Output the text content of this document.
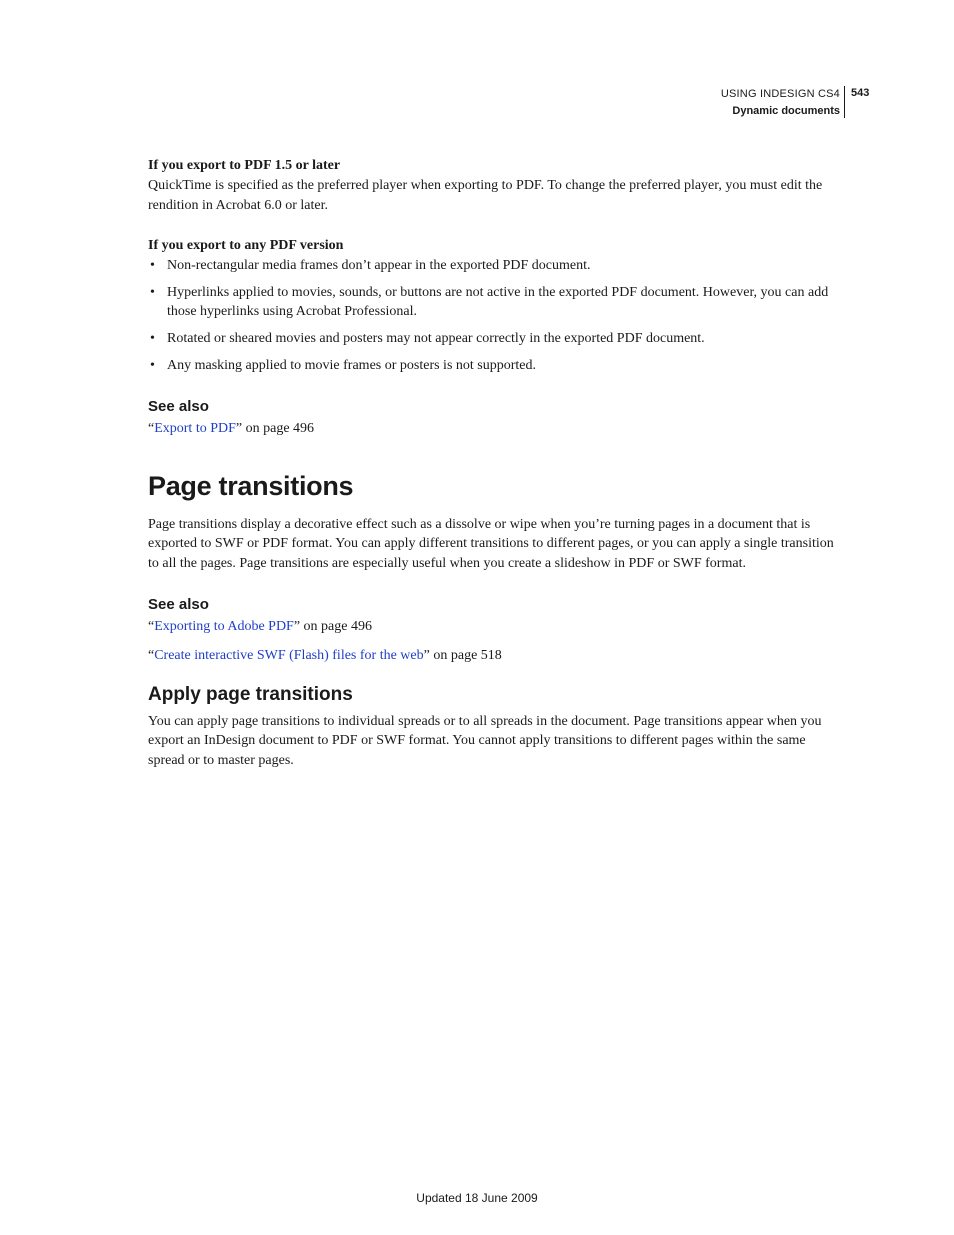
USING INDESIGN CS4
Dynamic documents
543

If you export to PDF 1.5 or later

QuickTime is specified as the preferred player when exporting to PDF. To change the preferred player, you must edit the rendition in Acrobat 6.0 or later.

If you export to any PDF version

• Non-rectangular media frames don’t appear in the exported PDF document.
• Hyperlinks applied to movies, sounds, or buttons are not active in the exported PDF document. However, you can add those hyperlinks using Acrobat Professional.
• Rotated or sheared movies and posters may not appear correctly in the exported PDF document.
• Any masking applied to movie frames or posters is not supported.

See also

“Export to PDF” on page 496

Page transitions

Page transitions display a decorative effect such as a dissolve or wipe when you’re turning pages in a document that is exported to SWF or PDF format. You can apply different transitions to different pages, or you can apply a single transition to all the pages. Page transitions are especially useful when you create a slideshow in PDF or SWF format.

See also

“Exporting to Adobe PDF” on page 496

“Create interactive SWF (Flash) files for the web” on page 518

Apply page transitions

You can apply page transitions to individual spreads or to all spreads in the document. Page transitions appear when you export an InDesign document to PDF or SWF format. You cannot apply transitions to different pages within the same spread or to master pages.

Updated 18 June 2009
